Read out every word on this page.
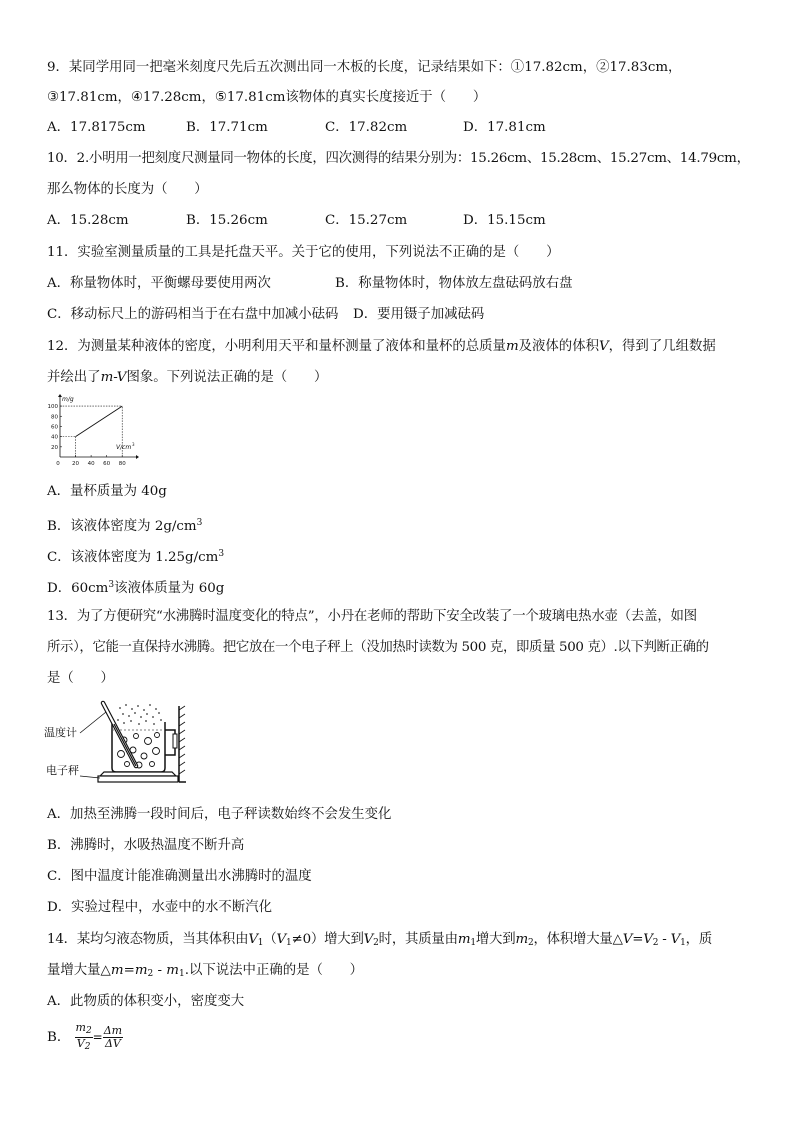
9．某同学用同一把毫米刻度尺先后五次测出同一木板的长度，记录结果如下：①17.82cm，②17.83cm，
③17.81cm，④17.28cm，⑤17.81cm该物体的真实长度接近于（　　）
A．17.8175cm	B．17.71cm	C．17.82cm	D．17.81cm
10．2.小明用一把刻度尺测量同一物体的长度，四次测得的结果分别为：15.26cm、15.28cm、15.27cm、14.79cm，
那么物体的长度为（　　）
A．15.28cm	B．15.26cm	C．15.27cm	D．15.15cm
11．实验室测量质量的工具是托盘天平。关于它的使用，下列说法不正确的是（　　）
A．称量物体时，平衡螺母要使用两次	B．称量物体时，物体放左盘砝码放右盘
C．移动标尺上的游码相当于在右盘中加减小砝码 D．要用镊子加减砝码
12．为测量某种液体的密度，小明利用天平和量杯测量了液体和量杯的总质量m及液体的体积V，得到了几组数据
并绘出了m-V图象。下列说法正确的是（　　）
20
40
60
80
100
0 20 40 60 80
m/g
V/cm 3
A．量杯质量为 40g
B．该液体密度为 $2g/cm^3$
C．该液体密度为 $1.25g/cm^3$
D．$60cm^3$该液体质量为 60g
13．为了方便研究“水沸腾时温度变化的特点”，小丹在老师的帮助下安全改装了一个玻璃电热水壶（去盖，如图
所示），它能一直保持水沸腾。把它放在一个电子秤上（没加热时读数为 500 克，即质量 500 克）.以下判断正确的
是（　　）
温度计
电子秤
A．加热至沸腾一段时间后，电子秤读数始终不会发生变化
B．沸腾时，水吸热温度不断升高
C．图中温度计能准确测量出水沸腾时的温度
D．实验过程中，水壶中的水不断汽化
14．某均匀液态物质，当其体积由$V_1(V_1\ne 0)$增大到$V_2$时，其质量由$m_1$增大到$m_2$，体积增大量$\triangle V=V_2 - V_1$，质
量增大量$\triangle m=m_2 - m_1$.以下说法中正确的是（　　）
A．此物质的体积变小，密度变大
B． $\frac{m_2}{V_2} = \frac{\Delta m}{\Delta V}$
